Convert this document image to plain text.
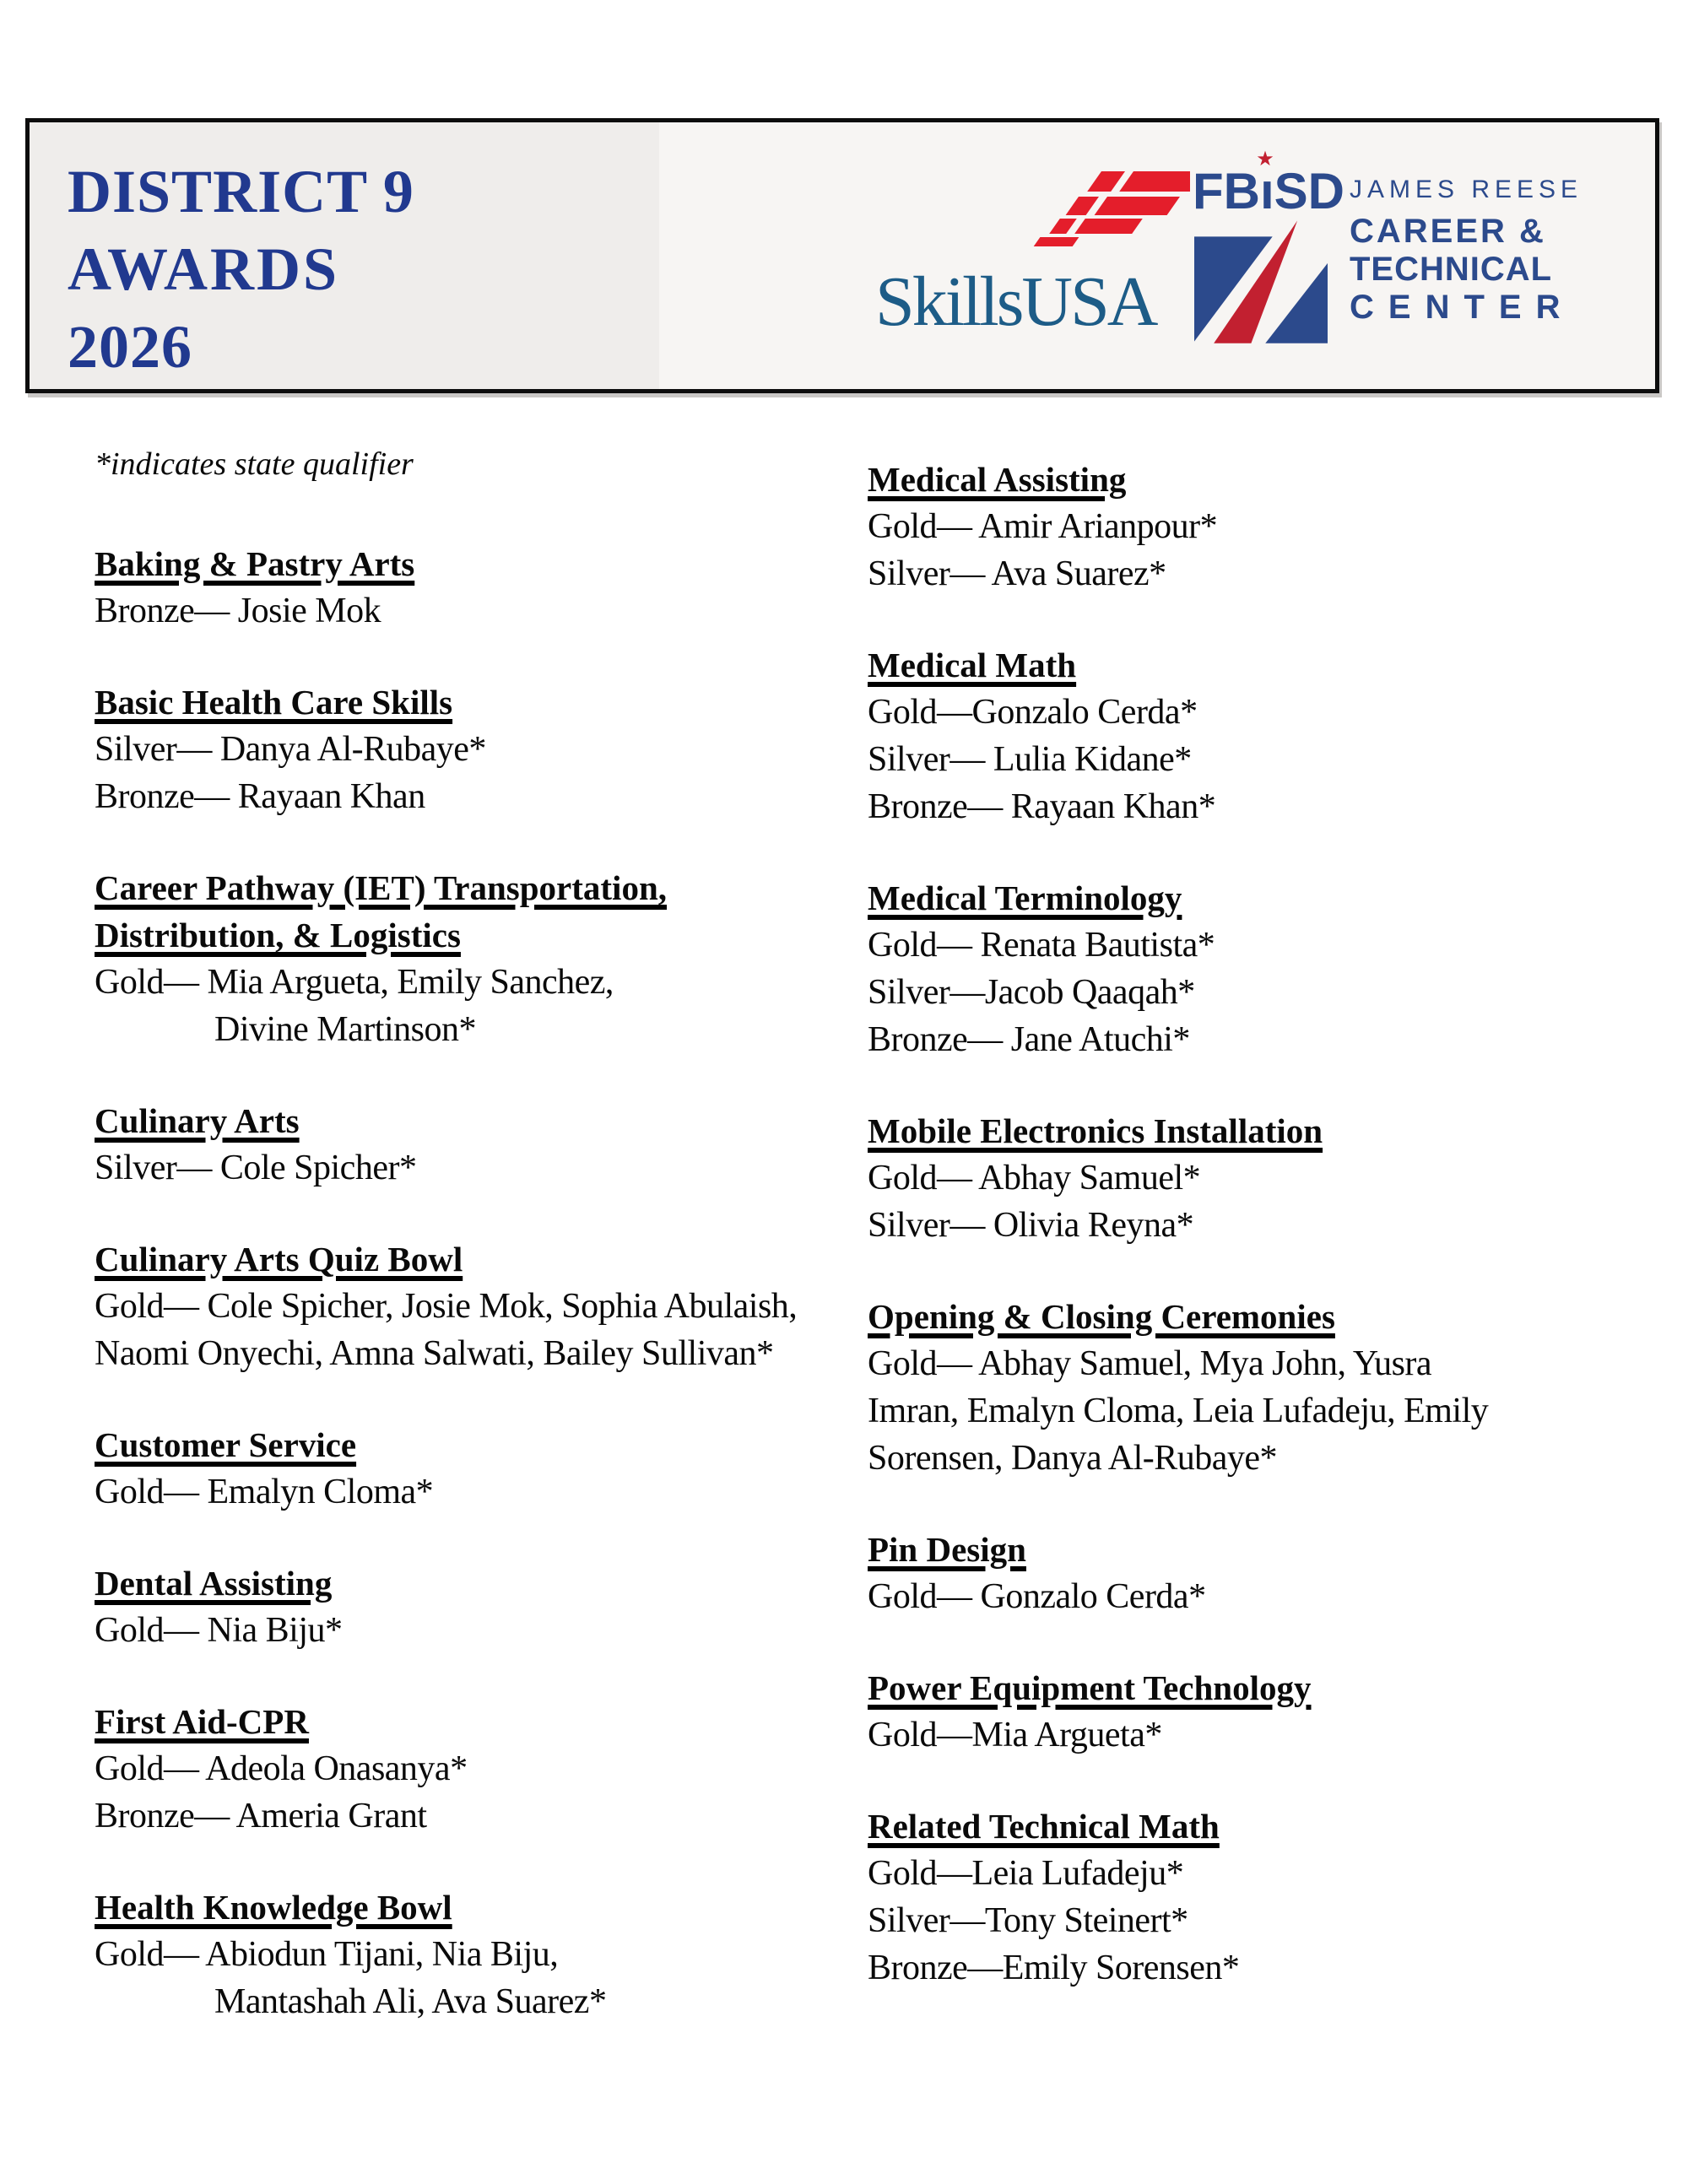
DISTRICT 9
AWARDS
2026
SkillsUSA
FB
★
ıSD JAMES REESE
CAREER &
TECHNICAL
CENTER
*indicates state qualifier
Baking & Pastry Arts
Bronze— Josie Mok
Basic Health Care Skills
Silver— Danya Al-Rubaye*
Bronze— Rayaan Khan
Career Pathway (IET) Transportation,
Distribution, & Logistics
Gold— Mia Argueta, Emily Sanchez,
Divine Martinson*
Culinary Arts
Silver— Cole Spicher*
Culinary Arts Quiz Bowl
Gold— Cole Spicher, Josie Mok, Sophia Abulaish,
Naomi Onyechi, Amna Salwati, Bailey Sullivan*
Customer Service
Gold— Emalyn Cloma*
Dental Assisting
Gold— Nia Biju*
First Aid-CPR
Gold— Adeola Onasanya*
Bronze— Ameria Grant
Health Knowledge Bowl
Gold— Abiodun Tijani, Nia Biju,
Mantashah Ali, Ava Suarez*
Medical Assisting
Gold— Amir Arianpour*
Silver— Ava Suarez*
Medical Math
Gold—Gonzalo Cerda*
Silver— Lulia Kidane*
Bronze— Rayaan Khan*
Medical Terminology
Gold— Renata Bautista*
Silver—Jacob Qaaqah*
Bronze— Jane Atuchi*
Mobile Electronics Installation
Gold— Abhay Samuel*
Silver— Olivia Reyna*
Opening & Closing Ceremonies
Gold— Abhay Samuel, Mya John, Yusra
Imran, Emalyn Cloma, Leia Lufadeju, Emily
Sorensen, Danya Al-Rubaye*
Pin Design
Gold— Gonzalo Cerda*
Power Equipment Technology
Gold—Mia Argueta*
Related Technical Math
Gold—Leia Lufadeju*
Silver—Tony Steinert*
Bronze—Emily Sorensen*
